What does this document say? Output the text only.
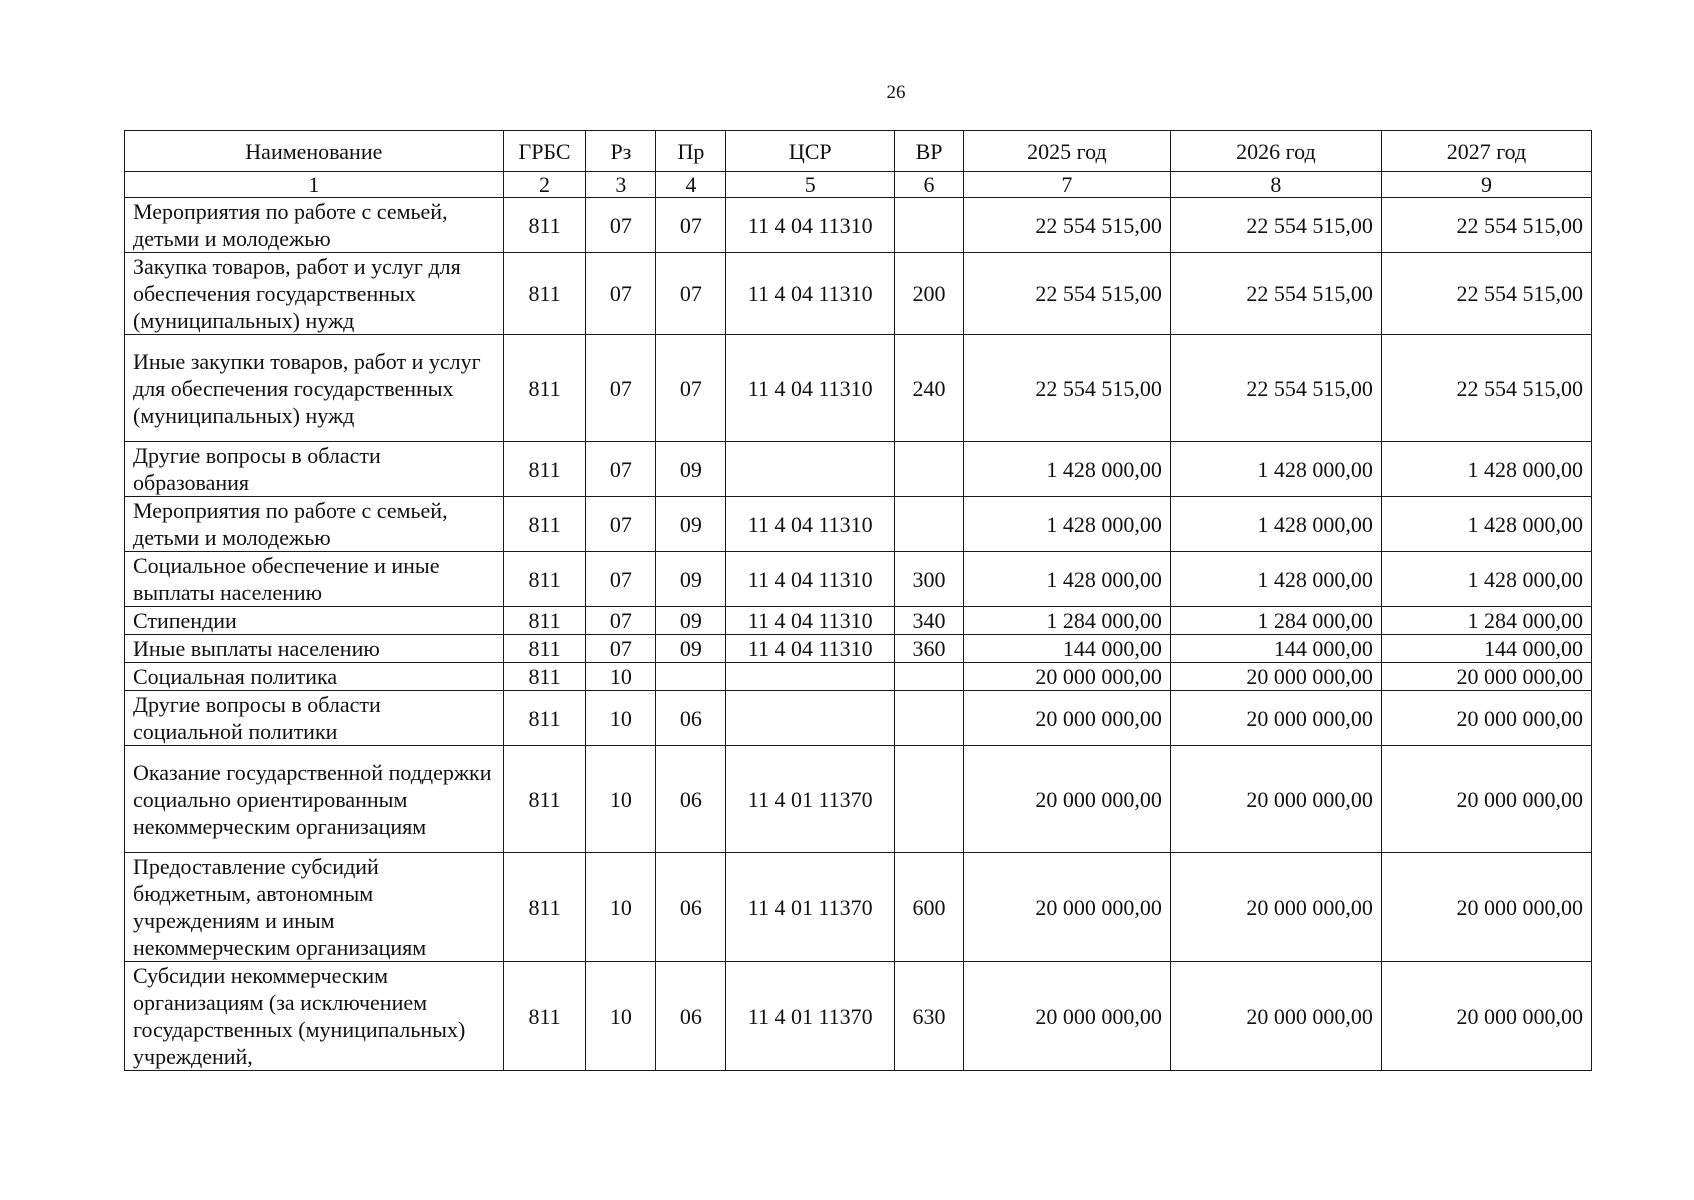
26
Наименование	ГРБС	Рз	Пр	ЦСР	ВР	2025 год	2026 год	2027 год
1	2	3	4	5	6	7	8	9
Мероприятия по работе с семьей, детьми и молодежью	811	07	07	11 4 04 11310		22 554 515,00	22 554 515,00	22 554 515,00
Закупка товаров, работ и услуг для обеспечения государственных (муниципальных) нужд	811	07	07	11 4 04 11310	200	22 554 515,00	22 554 515,00	22 554 515,00
Иные закупки товаров, работ и услуг для обеспечения государственных (муниципальных) нужд	811	07	07	11 4 04 11310	240	22 554 515,00	22 554 515,00	22 554 515,00
Другие вопросы в области образования	811	07	09			1 428 000,00	1 428 000,00	1 428 000,00
Мероприятия по работе с семьей, детьми и молодежью	811	07	09	11 4 04 11310		1 428 000,00	1 428 000,00	1 428 000,00
Социальное обеспечение и иные выплаты населению	811	07	09	11 4 04 11310	300	1 428 000,00	1 428 000,00	1 428 000,00
Стипендии	811	07	09	11 4 04 11310	340	1 284 000,00	1 284 000,00	1 284 000,00
Иные выплаты населению	811	07	09	11 4 04 11310	360	144 000,00	144 000,00	144 000,00
Социальная политика	811	10				20 000 000,00	20 000 000,00	20 000 000,00
Другие вопросы в области социальной политики	811	10	06			20 000 000,00	20 000 000,00	20 000 000,00
Оказание государственной поддержки социально ориентированным некоммерческим организациям	811	10	06	11 4 01 11370		20 000 000,00	20 000 000,00	20 000 000,00
Предоставление субсидий бюджетным, автономным учреждениям и иным некоммерческим организациям	811	10	06	11 4 01 11370	600	20 000 000,00	20 000 000,00	20 000 000,00
Субсидии некоммерческим организациям (за исключением государственных (муниципальных) учреждений,	811	10	06	11 4 01 11370	630	20 000 000,00	20 000 000,00	20 000 000,00
